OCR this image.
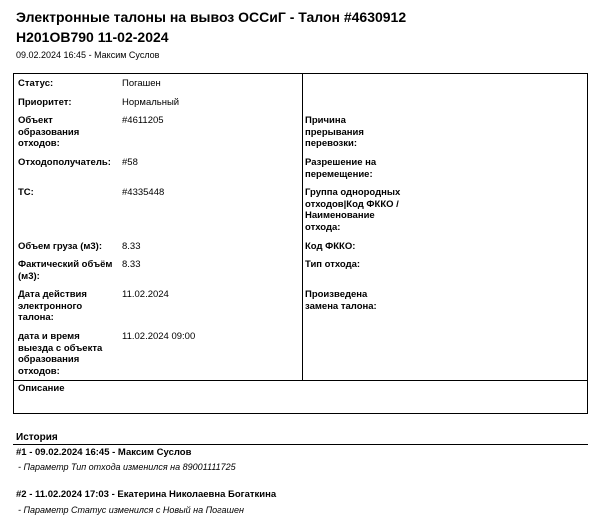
Электронные талоны на вывоз ОССиГ - Талон #4630912
Н201ОВ790 11-02-2024
09.02.2024 16:45 - Максим Суслов
Статус:	Погашен
Приоритет:	Нормальный
Объект образования отходов:
#4611205
Отходополучатель:	#58
ТС:	#4335448
Объем груза (м3):	8.33
Фактический объём (м3):
8.33
Дата действия электронного талона:
11.02.2024
дата и время выезда с объекта образования отходов:
11.02.2024 09:00
Причина прерывания перевозки:
Разрешение на перемещение:
Группа однородных отходов|Код ФККО / Наименование отхода:
Код ФККО:
Тип отхода:
Произведена замена талона:
Описание
История
#1 - 09.02.2024 16:45 - Максим Суслов
- Параметр Тип отхода изменился на 89001111725
#2 - 11.02.2024 17:03 - Екатерина Николаевна Богаткина
- Параметр Статус изменился с Новый на Погашен
